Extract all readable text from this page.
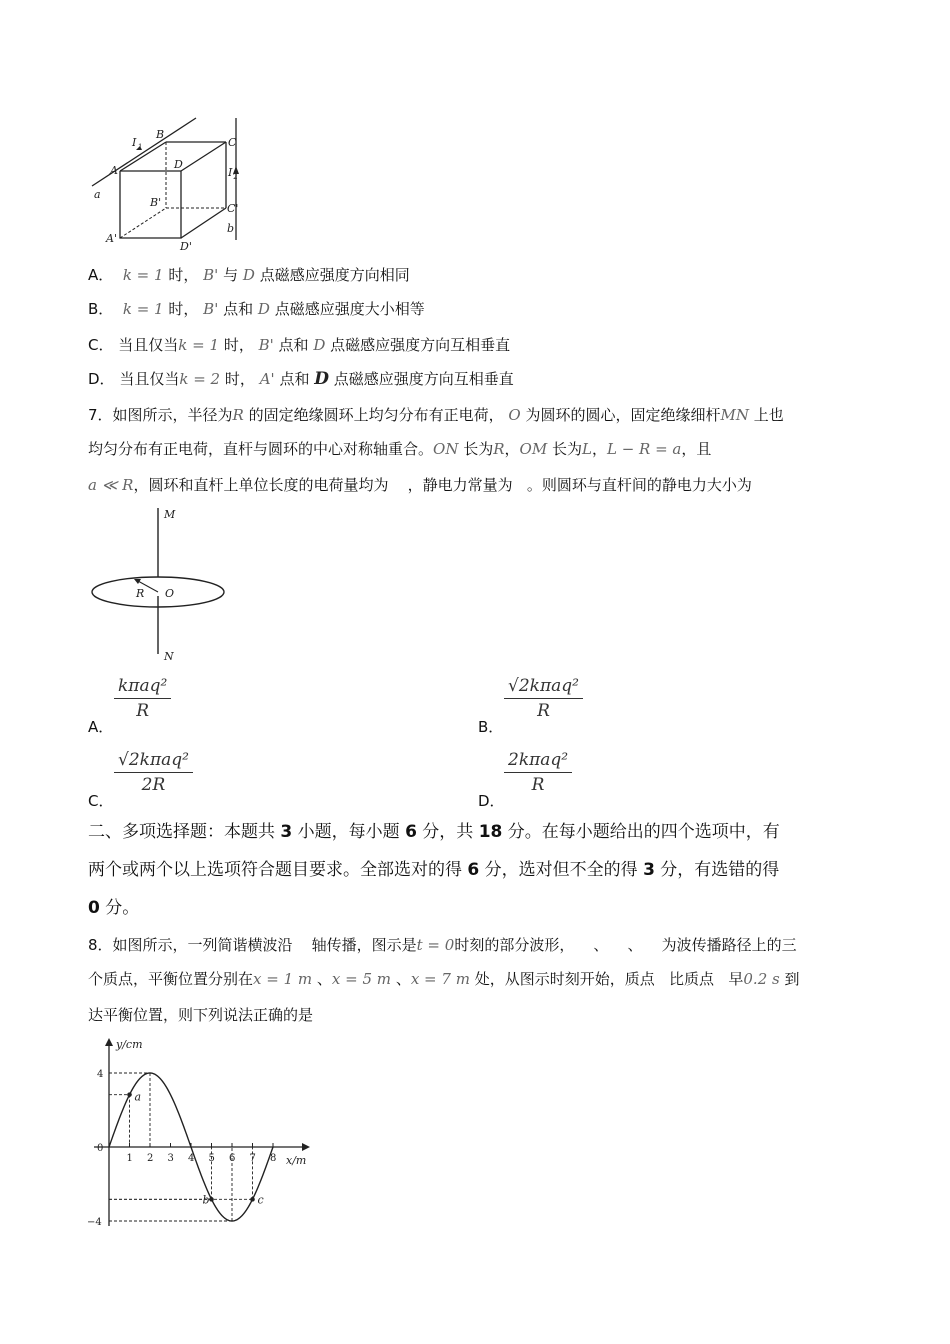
A
B
C
D
A'
B'	C'
D'
I 1
I 2
a
b
A． k = 1 时， B' 与 D 点磁感应强度方向相同
B． k = 1 时， B' 点和 D 点磁感应强度大小相等
C． 当且仅当k = 1 时， B' 点和 D 点磁感应强度方向互相垂直
D． 当且仅当k = 2 时， A' 点和 D 点磁感应强度方向互相垂直
7．如图所示，半径为R 的固定绝缘圆环上均匀分布有正电荷， O 为圆环的圆心，固定绝缘细杆MN 上也
均匀分布有正电荷，直杆与圆环的中心对称轴重合。ON 长为R，OM 长为L，L − R = a，且
a ≪ R，圆环和直杆上单位长度的电荷量均为 ，静电力常量为 。则圆环与直杆间的静电力大小为
M
N
R O
A．
kπaq²
R
B．
√2kπaq²
R
C．
√2kπaq²
2R
D．
2kπaq²
R
二、多项选择题：本题共 3 小题，每小题 6 分，共 18 分。在每小题给出的四个选项中，有
两个或两个以上选项符合题目要求。全部选对的得 6 分，选对但不全的得 3 分，有选错的得
0 分。
8．如图所示，一列简谐横波沿 轴传播，图示是t = 0时刻的部分波形， 、 、 为波传播路径上的三
个质点，平衡位置分别在x = 1 m 、x = 5 m 、x = 7 m 处，从图示时刻开始，质点 比质点 早0.2 s 到
达平衡位置，则下列说法正确的是
y/cm
x/m
1 2 3 4 5 6 7 8
4
0
−4
a
b	c
